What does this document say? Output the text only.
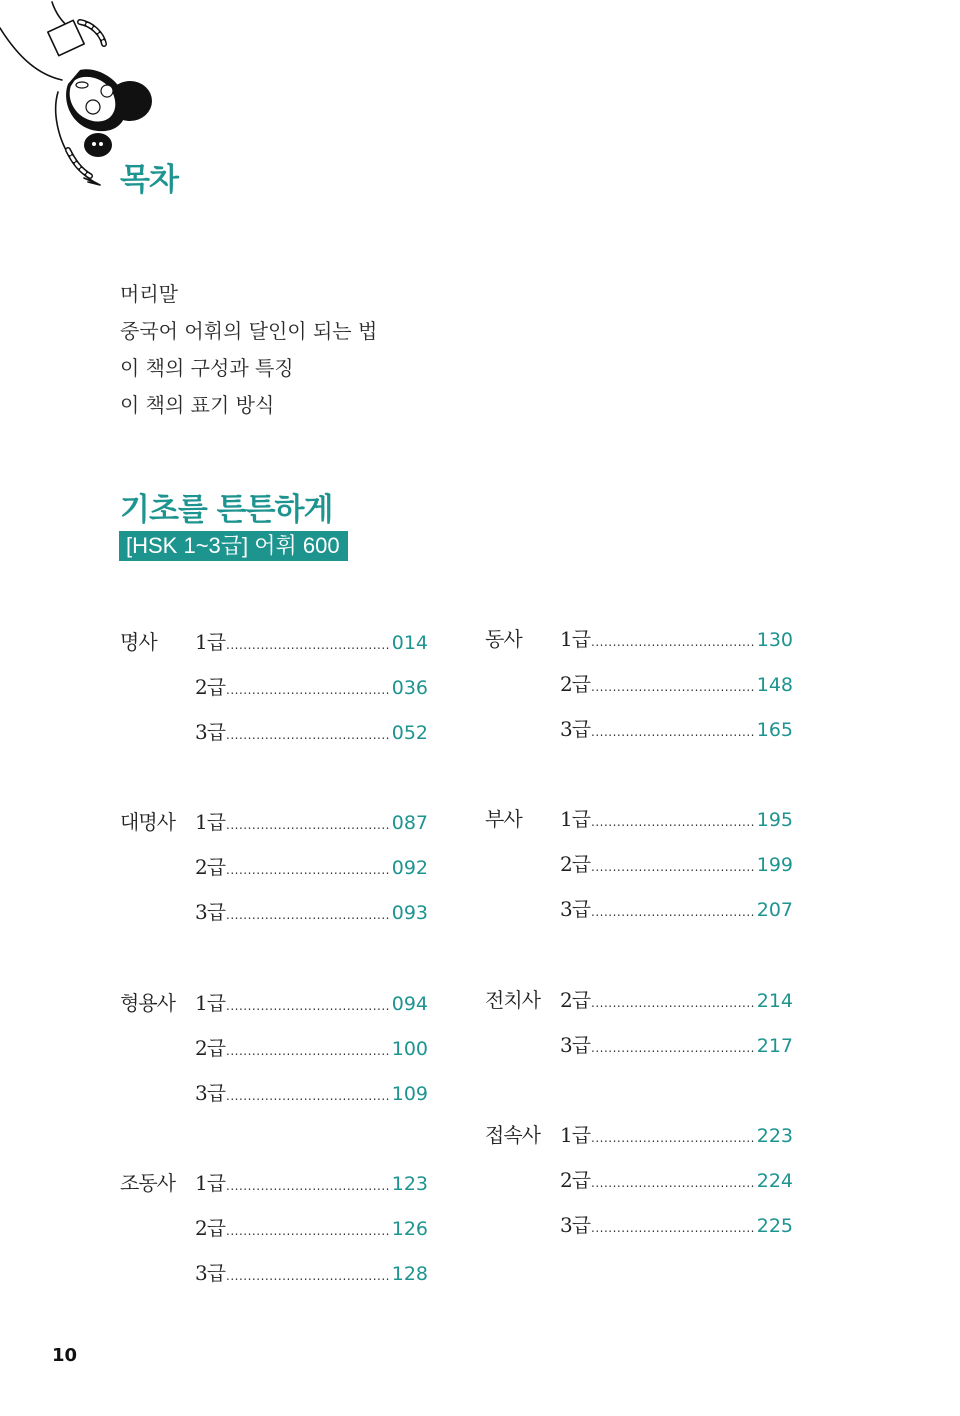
목차
머리말
중국어 어휘의 달인이 되는 법
이 책의 구성과 특징
이 책의 표기 방식
기초를 튼튼하게
[HSK 1~3급] 어휘 600
명사 1급 .....	014
2급 .....	036
3급 .....	052
대명사 1급 .....	087
2급 .....	092
3급 .....	093
형용사 1급 .....	094
2급 .....	100
3급 .....	109
조동사 1급 .....	123
2급 .....	126
3급 .....	128
동사 1급 .....	130
2급 .....	148
3급 .....	165
부사 1급 .....	195
2급 .....	199
3급 .....	207
전치사 2급 .....	214
3급 .....	217
접속사 1급 .....	223
2급 .....	224
3급 .....	225
10
